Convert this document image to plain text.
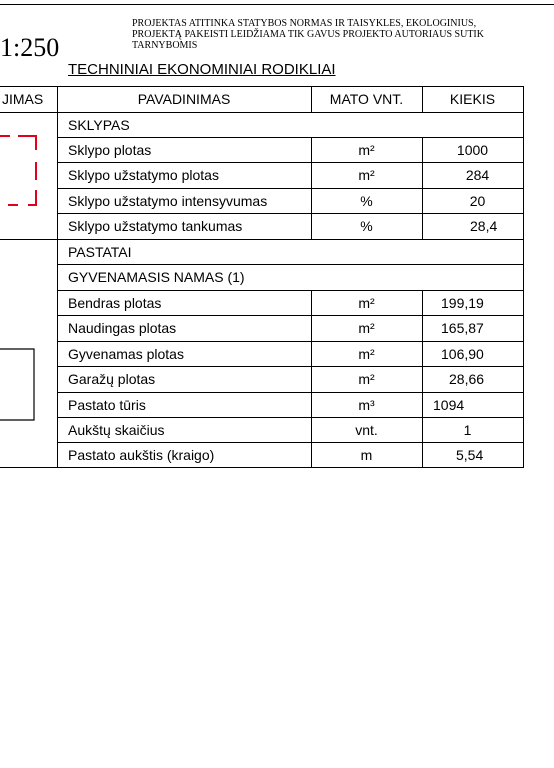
1:250
PROJEKTAS ATITINKA STATYBOS NORMAS IR TAISYKLES, EKOLOGINIUS,
PROJEKTĄ PAKEISTI LEIDŽIAMA TIK GAVUS PROJEKTO AUTORIAUS SUTIK
TARNYBOMIS
TECHNINIAI EKONOMINIAI RODIKLIAI
JIMAS	PAVADINIMAS	MATO VNT.	KIEKIS
SKLYPAS
Sklypo plotas	m²	1000
Sklypo užstatymo plotas	m²	284
Sklypo užstatymo intensyvumas	%	20
Sklypo užstatymo tankumas	%	28,4
PASTATAI
GYVENAMASIS NAMAS (1)
Bendras plotas	m²	199,19
Naudingas plotas	m²	165,87
Gyvenamas plotas	m²	106,90
Garažų plotas	m²	28,66
Pastato tūris	m³	1094
Aukštų skaičius	vnt.	1
Pastato aukštis (kraigo)	m	5,54
